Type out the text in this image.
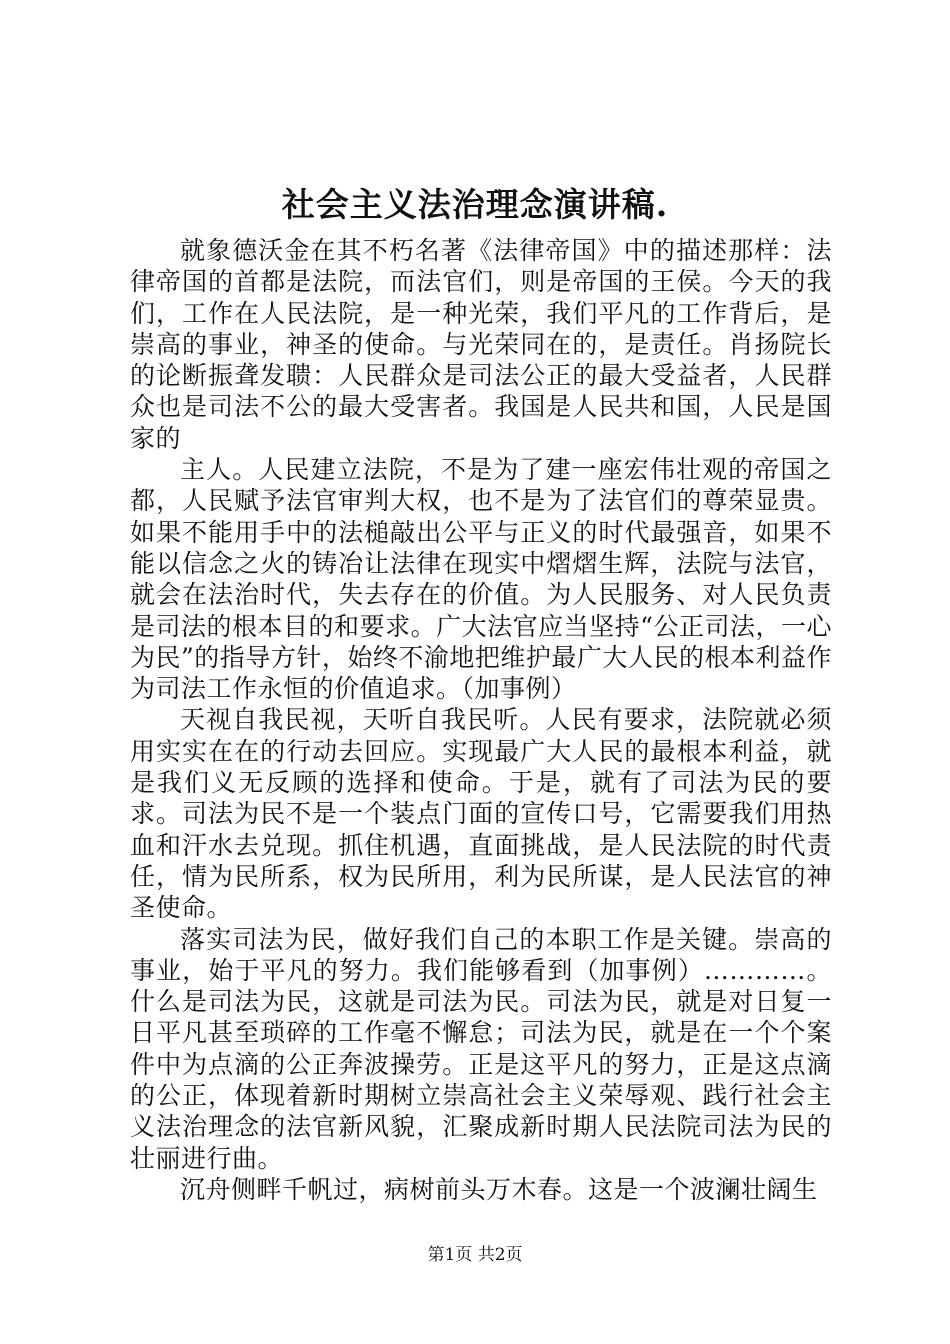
社会主义法治理念演讲稿.

就象德沃金在其不朽名著《法律帝国》中的描述那样：法律帝国的首都是法院，而法官们，则是帝国的王侯。今天的我们，工作在人民法院，是一种光荣，我们平凡的工作背后，是崇高的事业，神圣的使命。与光荣同在的，是责任。肖扬院长的论断振聋发聩：人民群众是司法公正的最大受益者，人民群众也是司法不公的最大受害者。我国是人民共和国，人民是国家的

主人。人民建立法院，不是为了建一座宏伟壮观的帝国之都，人民赋予法官审判大权，也不是为了法官们的尊荣显贵。如果不能用手中的法槌敲出公平与正义的时代最强音，如果不能以信念之火的铸冶让法律在现实中熠熠生辉，法院与法官，就会在法治时代，失去存在的价值。为人民服务、对人民负责是司法的根本目的和要求。广大法官应当坚持“公正司法，一心为民”的指导方针，始终不渝地把维护最广大人民的根本利益作为司法工作永恒的价值追求。（加事例）

天视自我民视，天听自我民听。人民有要求，法院就必须用实实在在的行动去回应。实现最广大人民的最根本利益，就是我们义无反顾的选择和使命。于是，就有了司法为民的要求。司法为民不是一个装点门面的宣传口号，它需要我们用热血和汗水去兑现。抓住机遇，直面挑战，是人民法院的时代责任，情为民所系，权为民所用，利为民所谋，是人民法官的神圣使命。

落实司法为民，做好我们自己的本职工作是关键。崇高的事业，始于平凡的努力。我们能够看到（加事例）…………。什么是司法为民，这就是司法为民。司法为民，就是对日复一日平凡甚至琐碎的工作毫不懈怠；司法为民，就是在一个个案件中为点滴的公正奔波操劳。正是这平凡的努力，正是这点滴的公正，体现着新时期树立崇高社会主义荣辱观、践行社会主义法治理念的法官新风貌，汇聚成新时期人民法院司法为民的壮丽进行曲。

沉舟侧畔千帆过，病树前头万木春。这是一个波澜壮阔生

第1页 共2页
